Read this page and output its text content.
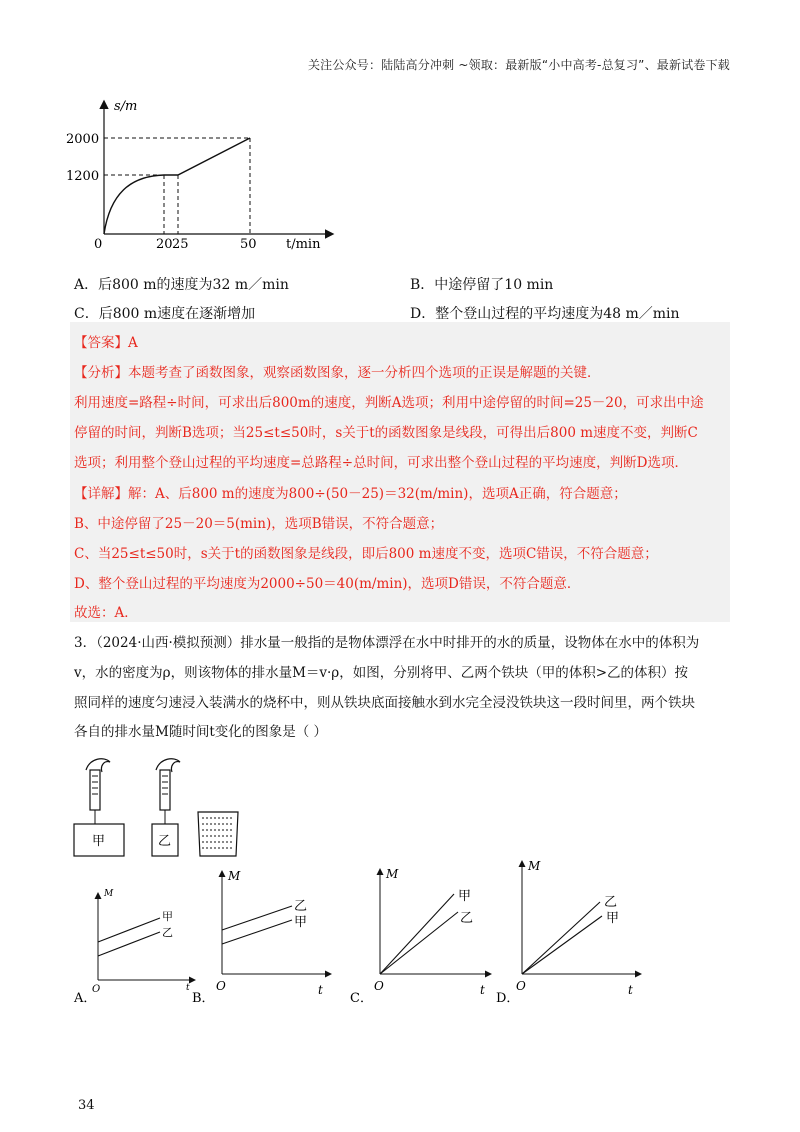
关注公众号：陆陆高分冲刺 ~领取：最新版“小中高考-总复习”、最新试卷下载
s/m
t/min
0
2000
1200
20 25	50
A．后800 m的速度为32 m／min	B．中途停留了10 min
C．后800 m速度在逐渐增加	D．整个登山过程的平均速度为48 m／min
【答案】A
【分析】本题考查了函数图象，观察函数图象，逐一分析四个选项的正误是解题的关键．
利用速度=路程÷时间，可求出后800m的速度，判断A选项；利用中途停留的时间=25－20，可求出中途
停留的时间，判断B选项；当25≤t≤50时，s关于t的函数图象是线段，可得出后800 m速度不变，判断C
选项；利用整个登山过程的平均速度=总路程÷总时间，可求出整个登山过程的平均速度，判断D选项．
【详解】解：A、后800 m的速度为800÷(50－25)＝32(m/min)，选项A正确，符合题意；
B、中途停留了25－20＝5(min)，选项B错误，不符合题意；
C、当25≤t≤50时，s关于t的函数图象是线段，即后800 m速度不变，选项C错误，不符合题意；
D、整个登山过程的平均速度为2000÷50＝40(m/min)，选项D错误，不符合题意．
故选：A．
3．（2024·山西·模拟预测）排水量一般指的是物体漂浮在水中时排开的水的质量，设物体在水中的体积为
v，水的密度为ρ，则该物体的排水量M＝v·ρ，如图，分别将甲、乙两个铁块（甲的体积>乙的体积）按
照同样的速度匀速浸入装满水的烧杯中，则从铁块底面接触水到水完全浸没铁块这一段时间里，两个铁块
各自的排水量M随时间t变化的图象是（ ）
甲	乙
M
t
O
甲
乙
A．
M
t
O
乙
甲
B．
M
t
O
甲
乙
C．
M
t
O
乙
甲
D．
34
